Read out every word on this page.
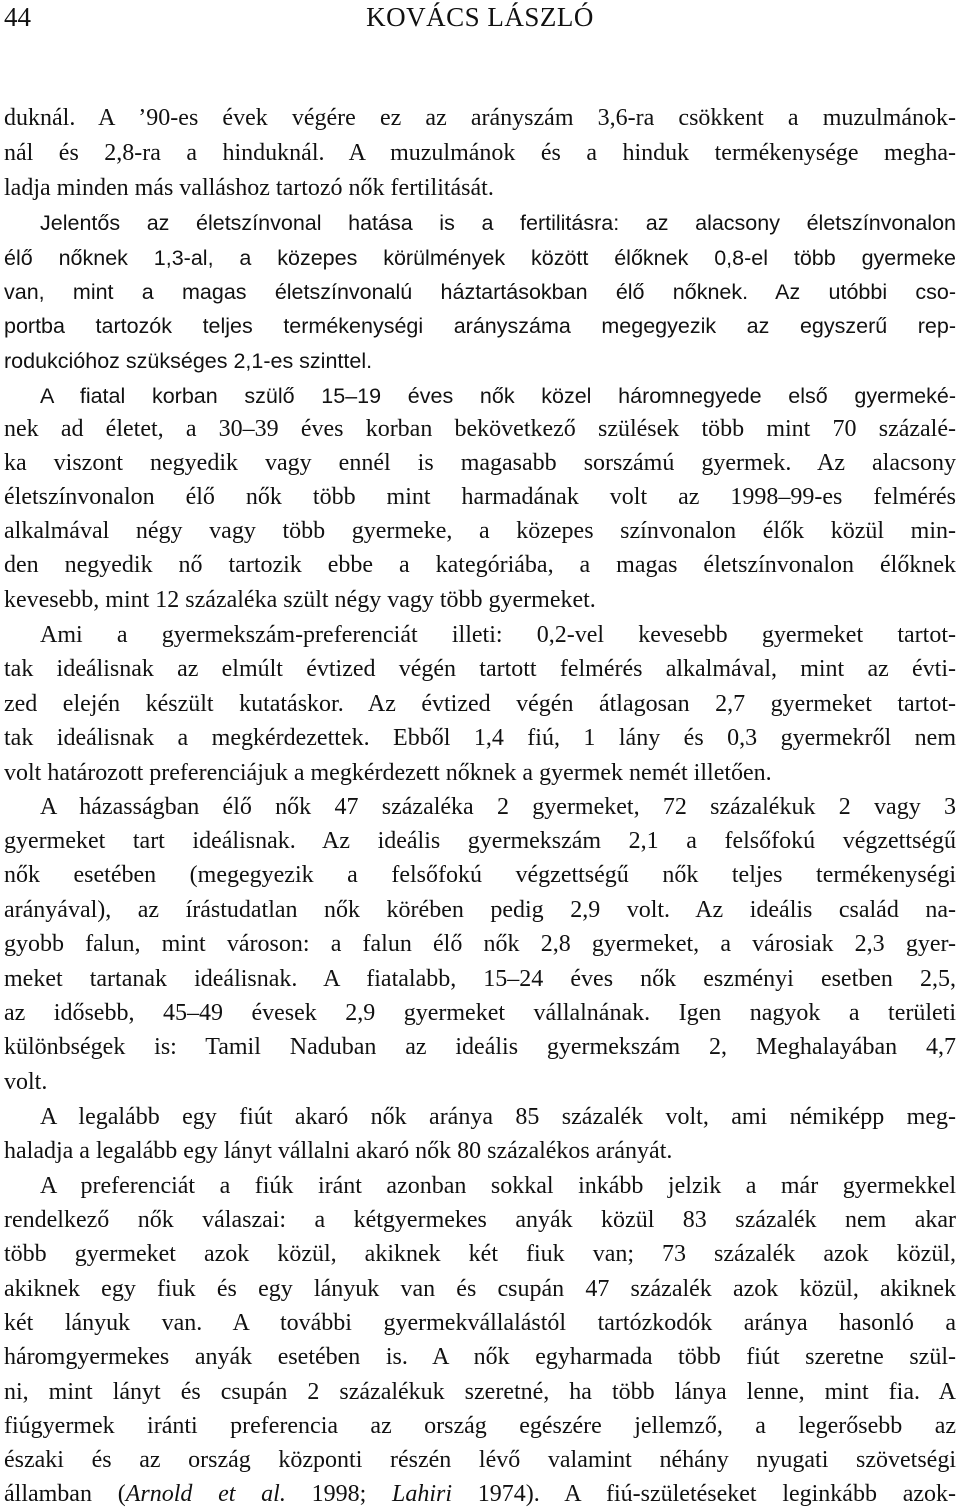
44	KOVÁCS LÁSZLÓ
duknál. A ’90-es évek végére ez az arányszám 3,6-ra csökkent a muzulmánok-
nál és 2,8-ra a hinduknál. A muzulmánok és a hinduk termékenysége megha-
ladja minden más valláshoz tartozó nők fertilitását.
Jelentős az életszínvonal hatása is a fertilitásra: az alacsony életszínvonalon
élő nőknek 1,3-al, a közepes körülmények között élőknek 0,8-el több gyermeke
van, mint a magas életszínvonalú háztartásokban élő nőknek. Az utóbbi cso-
portba tartozók teljes termékenységi arányszáma megegyezik az egyszerű rep-
rodukcióhoz szükséges 2,1-es szinttel.
A fiatal korban szülő 15–19 éves nők közel háromnegyede első gyermeké-
nek ad életet, a 30–39 éves korban bekövetkező szülések több mint 70 százalé-
ka viszont negyedik vagy ennél is magasabb sorszámú gyermek. Az alacsony
életszínvonalon élő nők több mint harmadának volt az 1998–99-es felmérés
alkalmával négy vagy több gyermeke, a közepes színvonalon élők közül min-
den negyedik nő tartozik ebbe a kategóriába, a magas életszínvonalon élőknek
kevesebb, mint 12 százaléka szült négy vagy több gyermeket.
Ami a gyermekszám-preferenciát illeti: 0,2-vel kevesebb gyermeket tartot-
tak ideálisnak az elmúlt évtized végén tartott felmérés alkalmával, mint az évti-
zed elején készült kutatáskor. Az évtized végén átlagosan 2,7 gyermeket tartot-
tak ideálisnak a megkérdezettek. Ebből 1,4 fiú, 1 lány és 0,3 gyermekről nem
volt határozott preferenciájuk a megkérdezett nőknek a gyermek nemét illetően.
A házasságban élő nők 47 százaléka 2 gyermeket, 72 százalékuk 2 vagy 3
gyermeket tart ideálisnak. Az ideális gyermekszám 2,1 a felsőfokú végzettségű
nők esetében (megegyezik a felsőfokú végzettségű nők teljes termékenységi
arányával), az írástudatlan nők körében pedig 2,9 volt. Az ideális család na-
gyobb falun, mint városon: a falun élő nők 2,8 gyermeket, a városiak 2,3 gyer-
meket tartanak ideálisnak. A fiatalabb, 15–24 éves nők eszményi esetben 2,5,
az idősebb, 45–49 évesek 2,9 gyermeket vállalnának. Igen nagyok a területi
különbségek is: Tamil Naduban az ideális gyermekszám 2, Meghalayában 4,7
volt.
A legalább egy fiút akaró nők aránya 85 százalék volt, ami némiképp meg-
haladja a legalább egy lányt vállalni akaró nők 80 százalékos arányát.
A preferenciát a fiúk iránt azonban sokkal inkább jelzik a már gyermekkel
rendelkező nők válaszai: a kétgyermekes anyák közül 83 százalék nem akar
több gyermeket azok közül, akiknek két fiuk van; 73 százalék azok közül,
akiknek egy fiuk és egy lányuk van és csupán 47 százalék azok közül, akiknek
két lányuk van. A további gyermekvállalástól tartózkodók aránya hasonló a
háromgyermekes anyák esetében is. A nők egyharmada több fiút szeretne szül-
ni, mint lányt és csupán 2 százalékuk szeretné, ha több lánya lenne, mint fia. A
fiúgyermek iránti preferencia az ország egészére jellemző, a legerősebb az
északi és az ország központi részén lévő valamint néhány nyugati szövetségi
államban (Arnold et al. 1998; Lahiri 1974). A fiú-születéseket leginkább azok-
